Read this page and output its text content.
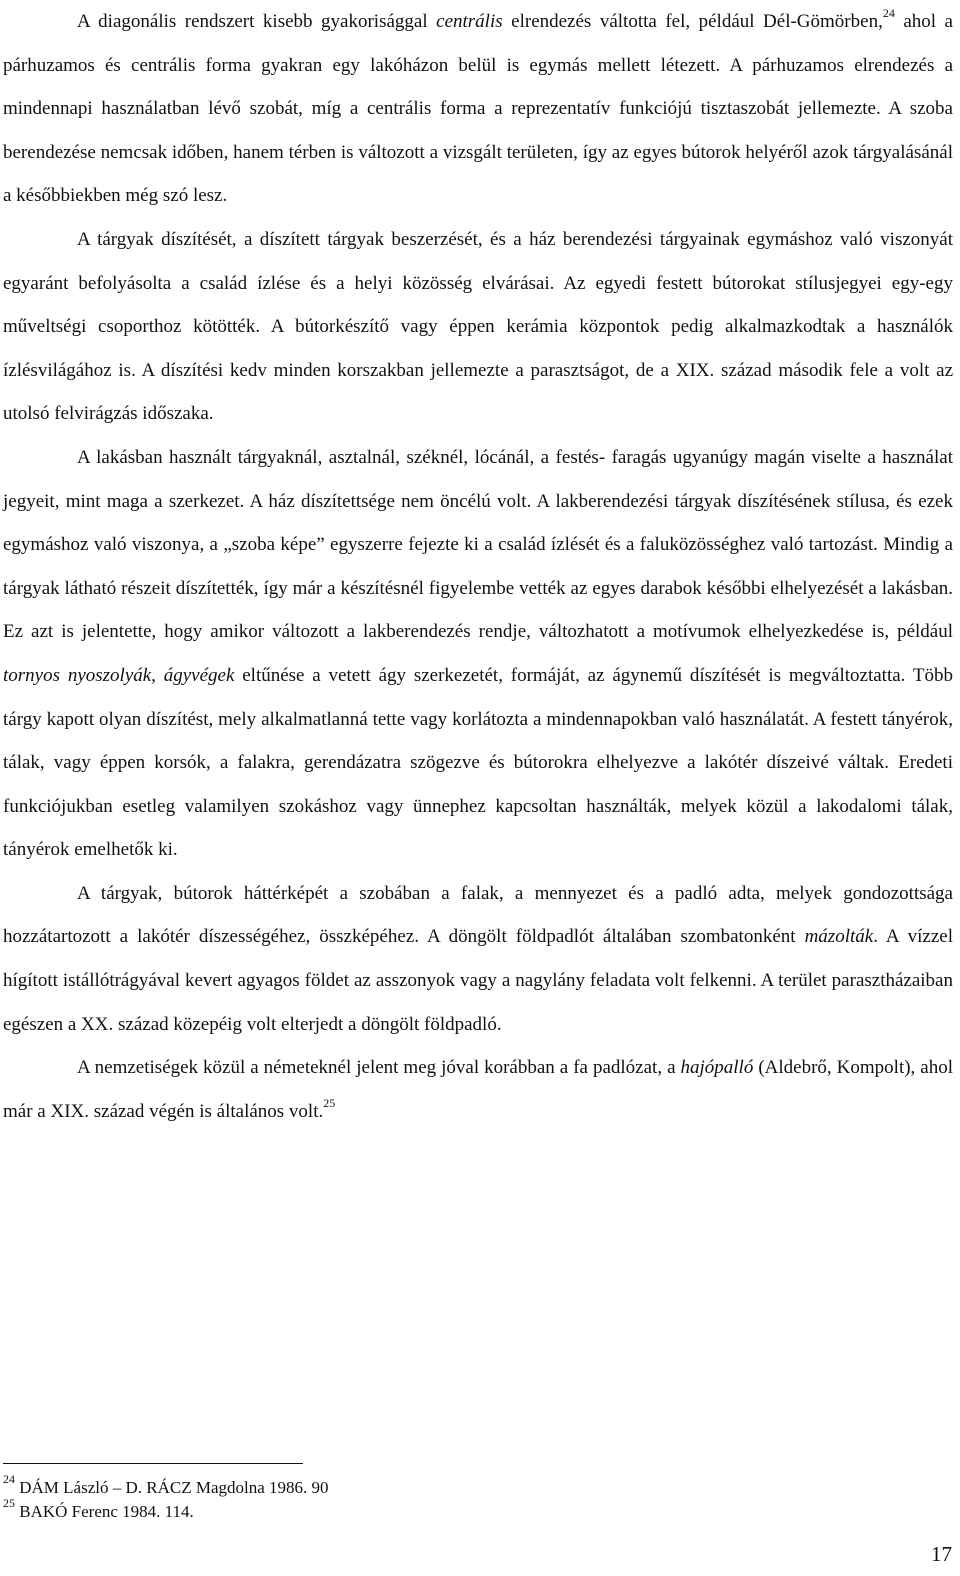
A diagonális rendszert kisebb gyakorisággal centrális elrendezés váltotta fel, például Dél-Gömörben,$^{24}$ ahol a párhuzamos és centrális forma gyakran egy lakóházon belül is egymás mellett létezett. A párhuzamos elrendezés a mindennapi használatban lévő szobát, míg a centrális forma a reprezentatív funkciójú tisztaszobát jellemezte. A szoba berendezése nemcsak időben, hanem térben is változott a vizsgált területen, így az egyes bútorok helyéről azok tárgyalásánál a későbbiekben még szó lesz.

A tárgyak díszítését, a díszített tárgyak beszerzését, és a ház berendezési tárgyainak egymáshoz való viszonyát egyaránt befolyásolta a család ízlése és a helyi közösség elvárásai. Az egyedi festett bútorokat stílusjegyei egy-egy műveltségi csoporthoz kötötték. A bútorkészítő vagy éppen kerámia központok pedig alkalmazkodtak a használók ízlésvilágához is. A díszítési kedv minden korszakban jellemezte a parasztságot, de a XIX. század második fele a volt az utolsó felvirágzás időszaka.

A lakásban használt tárgyaknál, asztalnál, széknél, lócánál, a festés- faragás ugyanúgy magán viselte a használat jegyeit, mint maga a szerkezet. A ház díszítettsége nem öncélú volt. A lakberendezési tárgyak díszítésének stílusa, és ezek egymáshoz való viszonya, a „szoba képe” egyszerre fejezte ki a család ízlését és a faluközösséghez való tartozást. Mindig a tárgyak látható részeit díszítették, így már a készítésnél figyelembe vették az egyes darabok későbbi elhelyezését a lakásban. Ez azt is jelentette, hogy amikor változott a lakberendezés rendje, változhatott a motívumok elhelyezkedése is, például tornyos nyoszolyák, ágyvégek eltűnése a vetett ágy szerkezetét, formáját, az ágynemű díszítését is megváltoztatta. Több tárgy kapott olyan díszítést, mely alkalmatlanná tette vagy korlátozta a mindennapokban való használatát. A festett tányérok, tálak, vagy éppen korsók, a falakra, gerendázatra szögezve és bútorokra elhelyezve a lakótér díszeivé váltak. Eredeti funkciójukban esetleg valamilyen szokáshoz vagy ünnephez kapcsoltan használták, melyek közül a lakodalomi tálak, tányérok emelhetők ki.

A tárgyak, bútorok háttérképét a szobában a falak, a mennyezet és a padló adta, melyek gondozottsága hozzátartozott a lakótér díszességéhez, összképéhez. A döngölt földpadlót általában szombatonként mázolták. A vízzel hígított istállótrágyával kevert agyagos földet az asszonyok vagy a nagylány feladata volt felkenni. A terület parasztházaiban egészen a XX. század közepéig volt elterjedt a döngölt földpadló.

A nemzetiségek közül a németeknél jelent meg jóval korábban a fa padlózat, a hajópalló (Aldebrő, Kompolt), ahol már a XIX. század végén is általános volt.$^{25}$

$^{24}$ DÁM László – D. RÁCZ Magdolna 1986. 90
$^{25}$ BAKÓ Ferenc 1984. 114.
17
